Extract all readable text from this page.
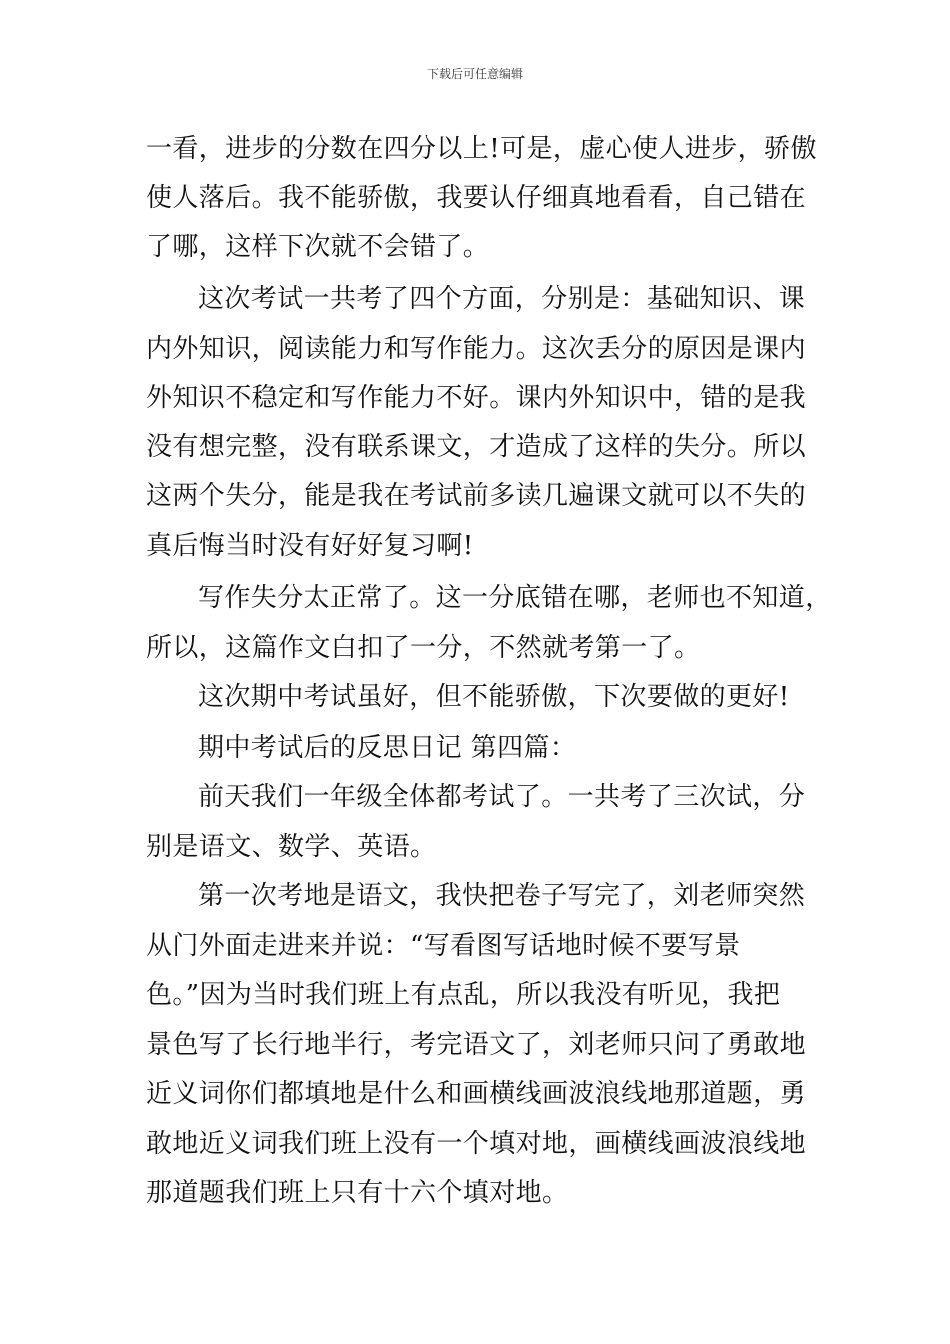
下载后可任意编辑
一看，进步的分数在四分以上!可是，虚心使人进步，骄傲
使人落后。我不能骄傲，我要认仔细真地看看，自己错在
了哪，这样下次就不会错了。
这次考试一共考了四个方面，分别是：基础知识、课
内外知识，阅读能力和写作能力。这次丢分的原因是课内
外知识不稳定和写作能力不好。课内外知识中，错的是我
没有想完整，没有联系课文，才造成了这样的失分。所以
这两个失分，能是我在考试前多读几遍课文就可以不失的
真后悔当时没有好好复习啊!
写作失分太正常了。这一分底错在哪，老师也不知道，
所以，这篇作文白扣了一分，不然就考第一了。
这次期中考试虽好，但不能骄傲，下次要做的更好!
期中考试后的反思日记 第四篇：
前天我们一年级全体都考试了。一共考了三次试，分
别是语文、数学、英语。
第一次考地是语文，我快把卷子写完了，刘老师突然
从门外面走进来并说：“写看图写话地时候不要写景
色。”因为当时我们班上有点乱，所以我没有听见，我把
景色写了长行地半行，考完语文了，刘老师只问了勇敢地
近义词你们都填地是什么和画横线画波浪线地那道题，勇
敢地近义词我们班上没有一个填对地，画横线画波浪线地
那道题我们班上只有十六个填对地。
